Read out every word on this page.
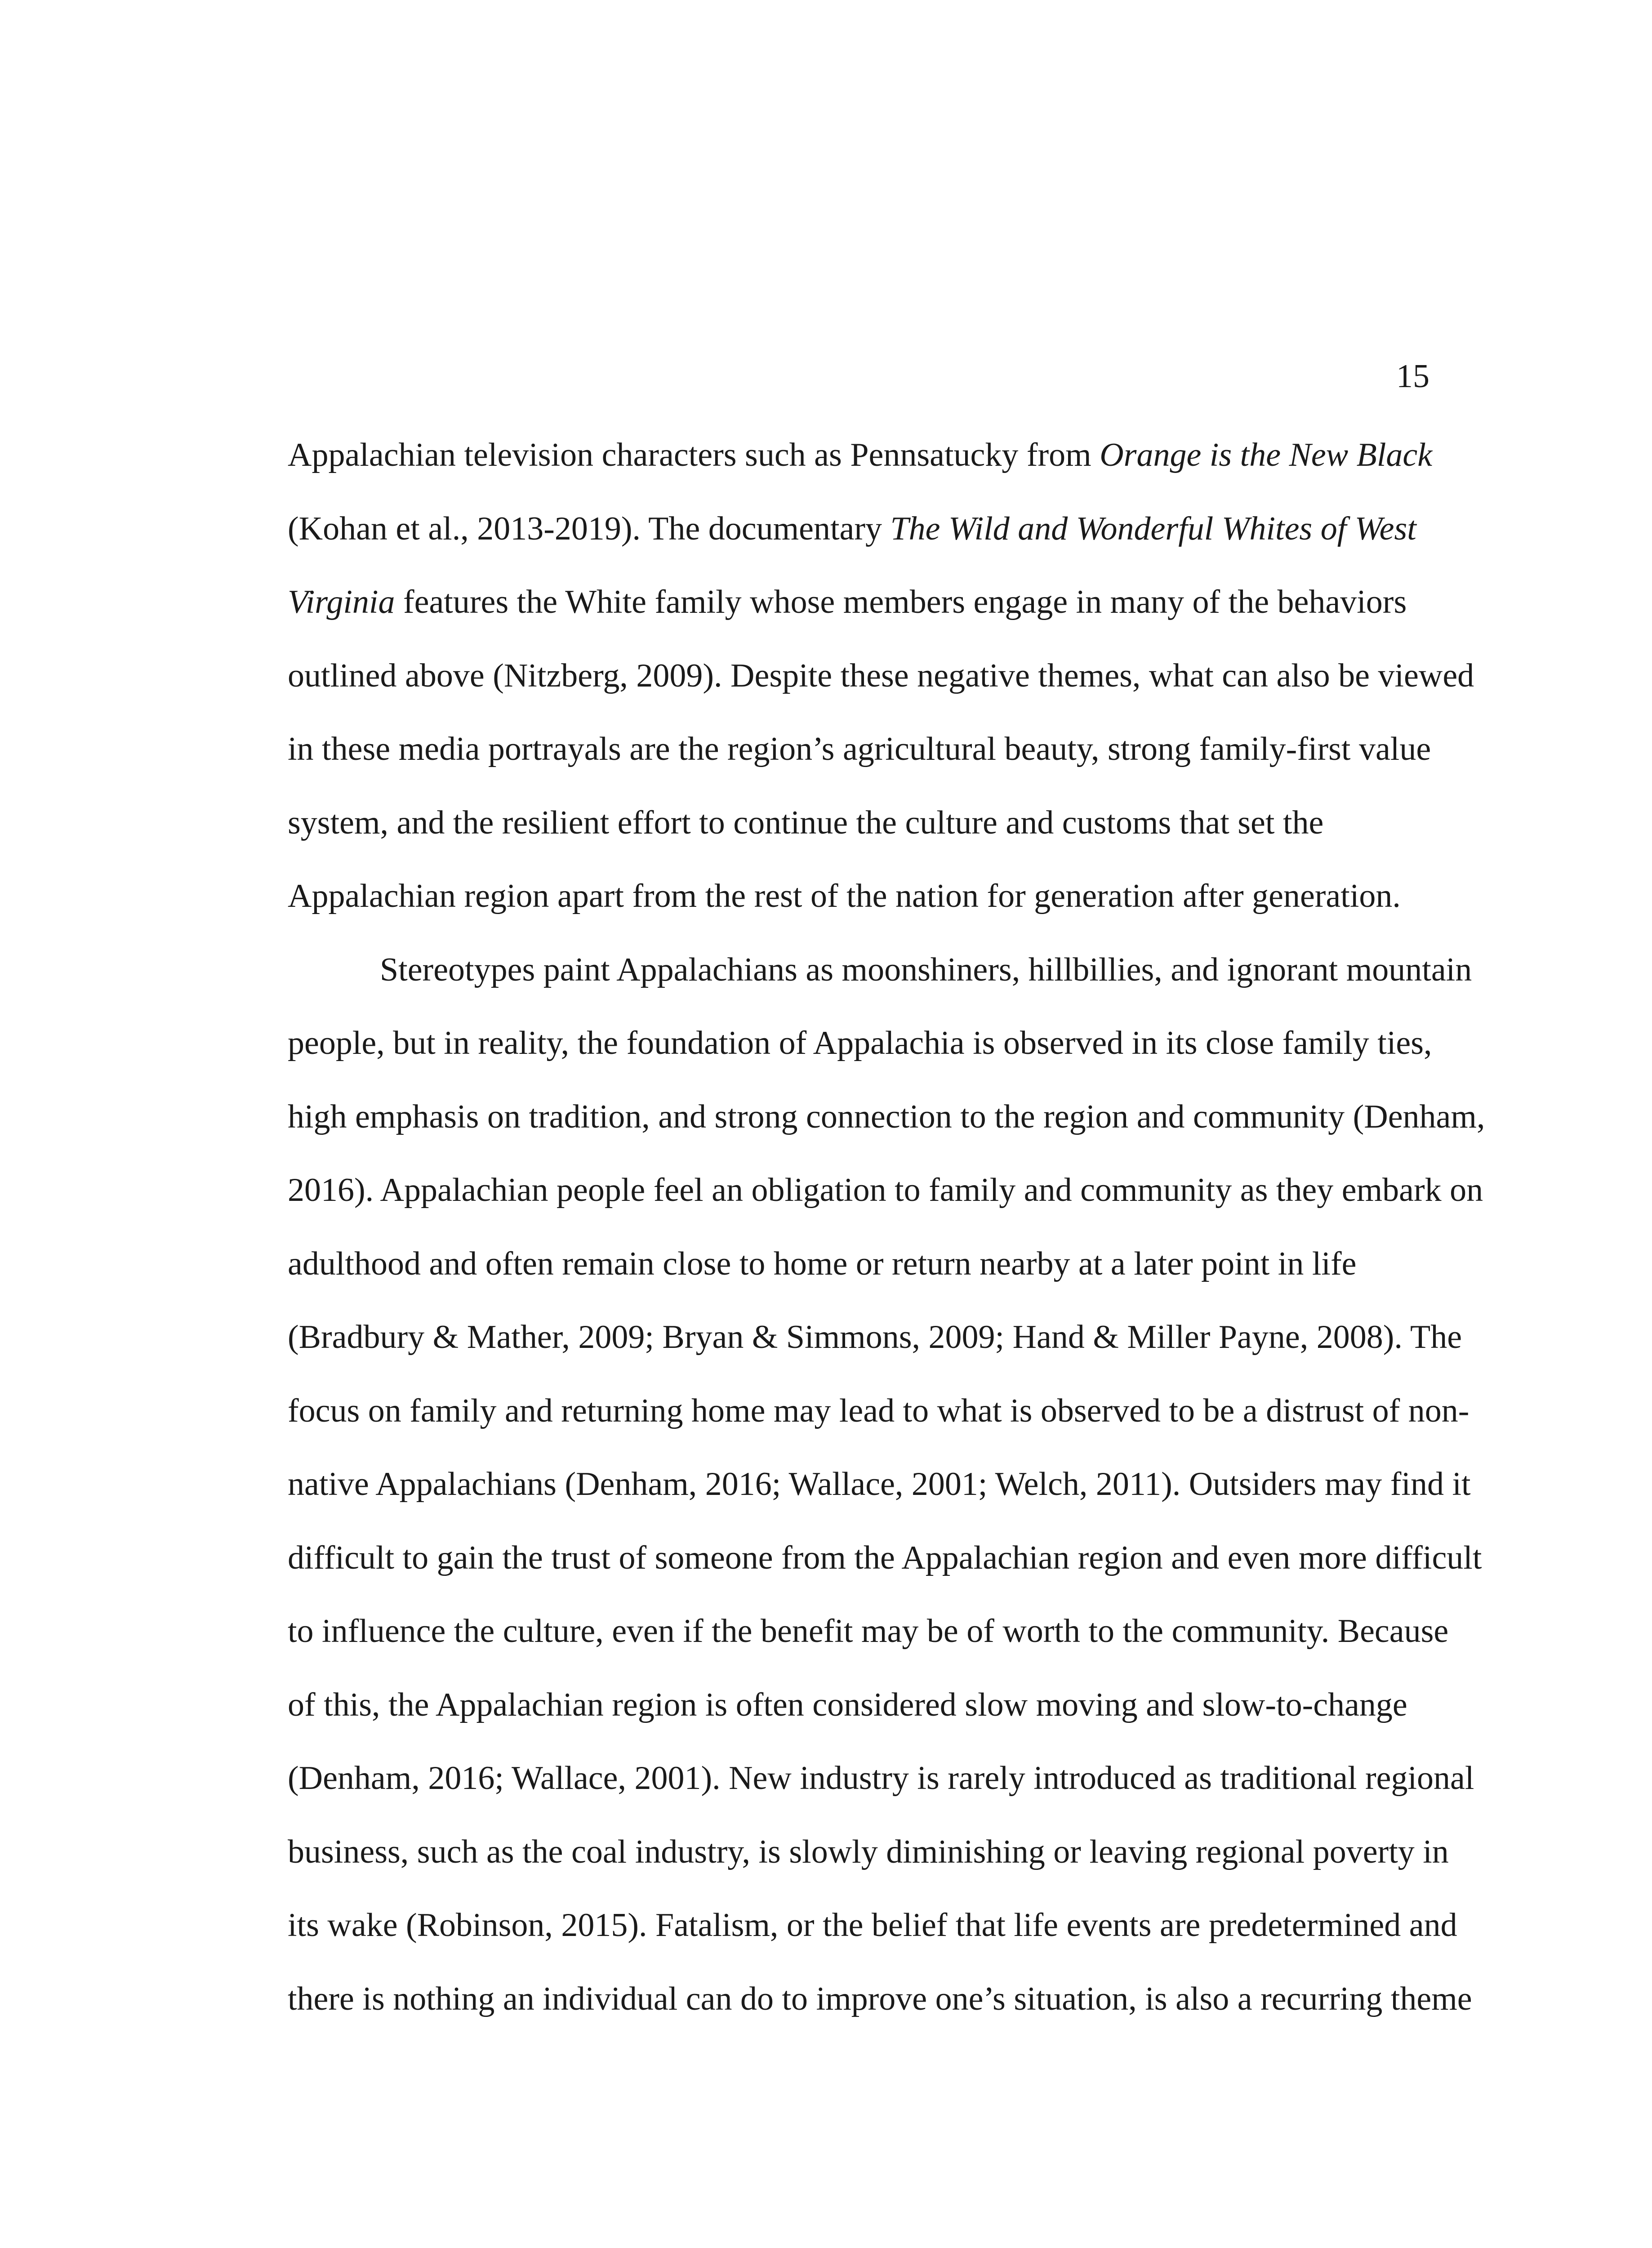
15

Appalachian television characters such as Pennsatucky from Orange is the New Black

(Kohan et al., 2013-2019). The documentary The Wild and Wonderful Whites of West

Virginia features the White family whose members engage in many of the behaviors

outlined above (Nitzberg, 2009). Despite these negative themes, what can also be viewed

in these media portrayals are the region’s agricultural beauty, strong family-first value

system, and the resilient effort to continue the culture and customs that set the

Appalachian region apart from the rest of the nation for generation after generation.

Stereotypes paint Appalachians as moonshiners, hillbillies, and ignorant mountain

people, but in reality, the foundation of Appalachia is observed in its close family ties,

high emphasis on tradition, and strong connection to the region and community (Denham,

2016). Appalachian people feel an obligation to family and community as they embark on

adulthood and often remain close to home or return nearby at a later point in life

(Bradbury & Mather, 2009; Bryan & Simmons, 2009; Hand & Miller Payne, 2008). The

focus on family and returning home may lead to what is observed to be a distrust of non-

native Appalachians (Denham, 2016; Wallace, 2001; Welch, 2011). Outsiders may find it

difficult to gain the trust of someone from the Appalachian region and even more difficult

to influence the culture, even if the benefit may be of worth to the community. Because

of this, the Appalachian region is often considered slow moving and slow-to-change

(Denham, 2016; Wallace, 2001). New industry is rarely introduced as traditional regional

business, such as the coal industry, is slowly diminishing or leaving regional poverty in

its wake (Robinson, 2015). Fatalism, or the belief that life events are predetermined and

there is nothing an individual can do to improve one’s situation, is also a recurring theme
